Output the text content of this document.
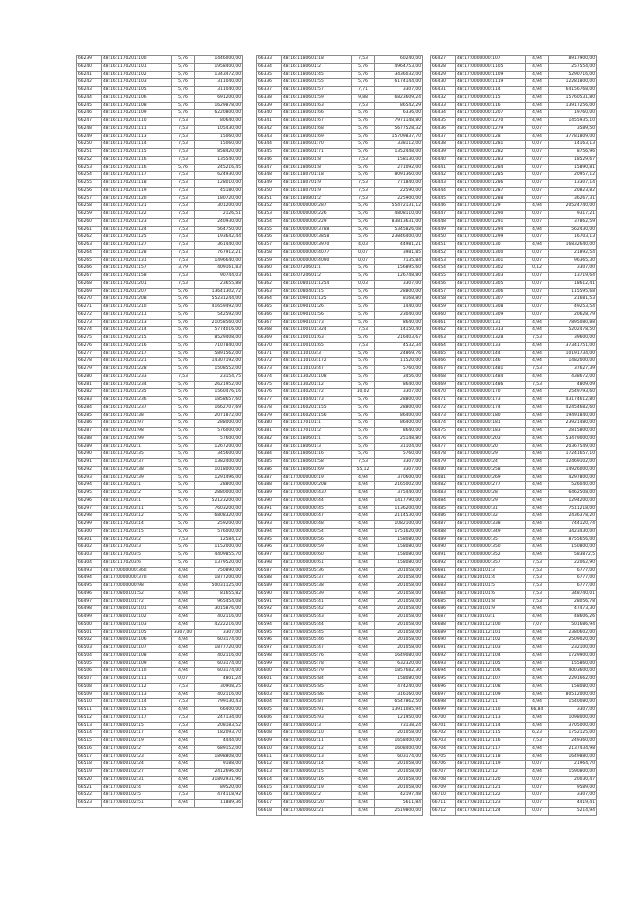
66239	48:16:1170201:100	5,76	1446000,00
66240	48:16:1170201:101	5,76	1958400,00
66241	48:16:1170201:102	5,76	1343472,00
66242	48:16:1170201:103	5,76	311040,00
66243	48:16:1170201:105	5,76	311040,00
66244	48:16:1170201:106	5,76	691200,00
66245	48:16:1170201:108	5,76	1629878,00
66246	48:16:1170201:109	5,76	6220800,00
66247	48:16:1170201:110	7,53	80640,00
66248	48:16:1170201:111	7,53	105430,00
66249	48:16:1170201:113	7,53	15060,00
66250	48:16:1170201:114	7,53	15060,00
66251	48:16:1170201:115	7,53	858420,00
66252	48:16:1170201:116	7,53	135540,00
66253	48:16:1170201:116	5,76	245216,45
66254	48:16:1170201:117	7,53	624930,00
66255	48:16:1170201:118	7,53	128010,00
66256	48:16:1170201:119	7,53	45180,00
66257	48:16:1170201:120	7,53	180720,00
66258	48:16:1170201:121	7,53	301200,00
66259	48:16:1170201:122	7,53	2126,51
66260	48:16:1170201:123	7,53	240930,00
66261	48:16:1170201:124	7,53	564750,00
66262	48:16:1170201:125	7,53	193642,44
66263	48:16:1170201:127	7,53	361440,00
66264	48:16:1170201:128	7,53	767912,21
66265	48:16:1170201:131	7,53	1496640,00
66266	48:16:1170201:157	3,79	409161,83
66267	48:16:1170201:158	7,53	90744,03
66268	48:16:1170201:201	7,53	23655,88
66269	48:16:1170201:207	5,76	13641302,72
66270	48:16:1170201:208	5,76	55231244,00
66271	48:16:1170201:210	5,76	41659492,00
66272	48:16:1170201:211	5,76	542592,00
66273	48:16:1170201:213	5,76	21058560,00
66274	48:16:1170201:214	5,76	5774016,00
66275	48:16:1170201:215	5,76	8529408,00
66276	48:16:1170201:216	5,76	7107840,00
66277	48:16:1170201:217	5,76	5891562,00
66278	48:16:1170201:221	5,76	14307192,00
66279	48:16:1170201:228	5,76	1508552,00
66280	48:16:1170201:233	7,53	23154,75
66281	48:16:1170201:234	5,76	2621952,00
66282	48:16:1170201:235	5,76	1560476,16
66283	48:16:1170201:236	5,76	1858657,60
66284	48:16:1170201:237	5,76	1662707,69
66285	48:16:1170201:38	5,76	2071872,00
66286	48:16:1170201:97	5,76	288000,00
66287	48:16:1170201:98	5,76	576000,00
66288	48:16:1170201:99	5,76	57600,00
66289	48:16:1170202:1	5,76	1267200,00
66290	48:16:1170202:35	5,76	345600,00
66291	48:16:1170202:37	5,76	1382400,00
66292	48:16:1170202:38	5,76	1018000,00
66293	48:16:1170202:39	5,76	1291496,00
66294	48:16:1170202:1	5,76	28800,00
66295	48:16:1170202:2	5,76	2880000,00
66296	48:16:1170203:1	5,76	52123200,00
66297	48:16:1170203:11	5,76	7603200,00
66298	48:16:1170203:12	5,76	6808320,00
66299	48:16:1170203:14	5,76	259200,00
66300	48:16:1170203:15	5,76	576000,00
66301	48:16:1170203:2	7,53	12584,12
66302	48:16:1170203:3	5,76	1152000,00
66303	48:16:1170203:5	5,76	4409855,70
66304	48:16:1170203:6	5,76	1379520,00
66493	48:17:0000000:360	4,94	750890,00
66494	48:17:0000000:370	4,94	1877200,00
66495	48:17:0000000:98	4,94	50031125,00
66496	48:17:0800101:52	4,94	81655,82
66497	48:17:0800101:72	4,94	965454,08
66498	48:17:0800102:101	4,94	3015876,00
66499	48:17:0800102:102	4,94	402116,00
66500	48:17:0800102:103	4,94	4222216,00
66501	48:17:0800102:105	3307,00	3307,00
66502	48:17:0800102:106	4,94	603174,00
66503	48:17:0800102:107	4,94	1877720,00
66504	48:17:0800102:108	4,94	402116,00
66505	48:17:0800102:109	4,94	603174,00
66506	48:17:0800102:110	4,94	603174,00
66507	48:17:0800102:111	0,07	4801,24
66508	48:17:0800102:112	7,53	30908,25
66509	48:17:0800102:113	4,94	402116,00
66510	48:17:0800102:114	7,53	799130,43
66511	48:17:0800102:115	4,94	66400,00
66512	48:17:0800102:117	7,53	247134,00
66513	48:17:0800102:15	7,53	208183,52
66514	48:17:0800102:17	4,94	182093,70
66515	48:17:0800102:19	4,94	4444,00
66516	48:17:0800102:2	4,94	689152,00
66517	48:17:0800102:23	4,94	1898808,00
66518	48:17:0800102:24	4,94	9188,00
66519	48:17:0800102:27	4,94	2412696,00
66520	48:17:0800102:31	4,94	31892931,96
66521	48:17:0800102:4	4,94	89520,00
66522	48:17:0800102:5	7,53	474118,92
66523	48:17:0800102:51	4,94	11889,36
66333	48:16:1180601:18	7,53	60240,00
66334	48:16:1180601:2	5,76	4964753,00
66335	48:16:1180601:45	5,76	3436032,00
66336	48:16:1180601:55	5,76	6174144,00
66337	48:16:1180601:57	7,71	3307,00
66338	48:16:1180601:59	9,88	6823609,24
66339	48:16:1180601:63	7,53	86542,29
66340	48:16:1180601:66	5,76	6336,00
66341	48:16:1180601:67	5,76	7971148,80
66342	48:16:1180601:68	5,76	5677528,32
66343	48:16:1180601:69	5,76	15709837,70
66344	48:16:1180601:70	5,76	338112,00
66345	48:16:1180601:71	5,76	1352448,00
66346	48:16:1180601:8	7,53	158130,00
66347	48:16:1180601:8	5,76	271092,00
66348	48:16:1180701:18	5,76	8091360,00
66349	48:16:1180701:9	7,53	771840,00
66350	48:16:1180701:9	7,53	22590,00
66351	48:16:1180801:2	7,53	225900,00
66352	48:16:0000000:287	5,76	55472131,12
66353	48:16:0000000:226	5,76	4808110,00
66354	48:16:0000000:229	5,76	83813631,00
66355	48:16:0000000:3788	5,76	5345826,08
66356	48:16:0000000:3858	5,76	23846400,00
66357	48:16:0000000:3970	4,03	44981,21
66358	48:16:0000000:4077	0,07	3981,85
66359	48:16:0000000:4090	0,07	7135,84
66360	48:16:0720601:1	5,76	156895,60
66361	48:16:0720601:2	5,76	126748,80
66362	48:16:1080101:1254	0,03	3307,00
66363	48:16:1080401:15	5,76	28800,00
66364	48:16:1090101:125	5,76	8168,80
66365	48:16:1090101:26	5,76	1440,00
66366	48:16:1090101:56	5,76	23040,00
66367	48:16:1090101:73	5,76	8640,00
66368	48:16:1100101:324	7,53	14150,40
66369	48:16:1100101:63	5,76	216403,67
66370	48:16:1100101:65	7,53	4532,34
66371	48:16:1110103:3	5,76	24869,76
66372	48:16:1110103:172	5,76	11520,00
66373	48:16:1110103:47	5,76	5760,00
66374	48:16:1130201:108	5,76	3456,00
66375	48:16:1130201:12	5,76	8640,00
66376	48:16:1140201:72	10,02	3307,00
66377	48:16:1140401:73	5,76	28800,00
66378	48:16:1160201:155	5,76	28800,00
66379	48:16:1160201:156	5,76	86400,00
66380	48:16:1170101:1	5,76	86400,00
66381	48:16:1170101:2	5,76	8640,00
66382	48:16:1180601:1	5,76	25148,80
66383	48:16:1180601:3	5,76	31104,00
66384	48:16:1180601:16	5,76	5760,00
66385	48:16:1180601:58	7,53	3307,00
66386	48:16:1180601:69	55,12	3307,00
66387	48:17:0000000:19	4,94	370600,00
66388	48:17:0000000:208	4,94	2165002,00
66389	48:17:0000000:437	4,94	375440,00
66390	48:17:0000000:44	4,94	1417790,00
66391	48:17:0000000:45	4,94	1136200,00
66392	48:17:0000000:47	4,94	2114530,00
66393	48:17:0000000:48	4,94	1082100,00
66394	48:17:0000000:54	4,94	1751620,00
66395	48:17:0000000:56	4,94	158080,00
66396	48:17:0000000:59	4,94	158080,00
66397	48:17:0000000:60	4,94	158080,00
66398	48:17:0000000:61	4,94	158080,00
66587	48:17:0800505:36	4,94	201058,00
66588	48:17:0800505:37	4,94	201058,00
66589	48:17:0800505:38	4,94	201058,00
66590	48:17:0800505:39	4,94	201058,00
66591	48:17:0800505:41	4,94	201058,00
66592	48:17:0800505:42	4,94	201058,00
66593	48:17:0800505:43	4,94	201058,00
66594	48:17:0800505:44	4,94	201058,00
66595	48:17:0800505:45	4,94	201058,00
66596	48:17:0800505:46	4,94	201058,00
66597	48:17:0800505:47	4,94	201058,00
66598	48:17:0800505:76	4,94	1649080,00
66599	48:17:0800505:78	4,94	632320,00
66600	48:17:0800505:79	4,94	1857682,30
66601	48:17:0800505:84	4,94	158080,00
66602	48:17:0800505:85	4,94	474240,00
66603	48:17:0800505:86	4,94	316160,00
66604	48:17:0800505:87	4,94	6547862,50
66605	48:17:0800505:91	4,94	13911085,94
66606	48:17:0800505:93	4,94	121950,00
66607	48:17:0800601:3	4,94	73138,24
66608	48:17:0800602:10	4,94	201058,00
66609	48:17:0800602:11	4,94	1658400,00
66610	48:17:0800602:12	4,94	1608400,00
66611	48:17:0800602:13	4,94	603174,00
66612	48:17:0800602:14	4,94	201058,00
66613	48:17:0800602:15	4,94	201058,00
66614	48:17:0800602:16	4,94	201058,00
66615	48:17:0800602:19	4,94	201058,00
66616	48:17:0800602:2	4,94	42197,48
66617	48:17:0800602:20	4,94	5611,84
66618	48:17:0800602:21	4,94	2519800,00
66427	48:17:0000000:107	4,94	8917900,00
66428	48:17:0000000:1105	4,94	257554,00
66429	48:17:0000000:1109	4,94	5290716,00
66430	48:17:0000000:1119	4,94	12281800,00
66431	48:17:0000000:114	4,94	64156768,00
66432	48:17:0000000:115	4,94	15760531,80
66433	48:17:0000000:116	4,94	13917256,00
66434	48:17:0000000:1207	4,94	19760,00
66435	48:17:0000000:1270	4,94	1455935,10
66436	48:17:0000000:1279	0,07	3589,50
66437	48:17:0000000:128	4,94	37781809,00
66438	48:17:0000000:1281	0,07	14163,13
66439	48:17:0000000:1282	0,07	8756,96
66440	48:17:0000000:1283	0,07	18529,67
66441	48:17:0000000:1284	0,07	15890,81
66442	48:17:0000000:1285	0,07	20957,12
66443	48:17:0000000:1286	0,07	13307,14
66444	48:17:0000000:1287	0,07	20823,82
66445	48:17:0000000:1288	0,07	36267,31
66446	48:17:0000000:129	4,94	20524740,00
66447	48:17:0000000:1290	0,07	9317,21
66448	48:17:0000000:1291	0,07	37862,59
66449	48:17:0000000:1294	4,94	562430,00
66450	48:17:0000000:1299	0,07	16703,13
66451	48:17:0000000:130	4,94	16832640,00
66452	48:17:0000000:1300	0,07	21892,54
66453	48:17:0000000:1301	0,07	96365,30
66454	48:17:0000000:1302	0,12	3307,00
66455	48:17:0000000:1303	0,07	13719,64
66456	48:17:0000000:1305	0,07	18612,41
66457	48:17:0000000:1306	0,07	115595,68
66458	48:17:0000000:1307	0,07	21681,53
66459	48:17:0000000:1308	0,07	49253,54
66460	48:17:0000000:1309	0,07	20628,79
66461	48:17:0000000:131	4,94	7895080,88
66462	48:17:0000000:1313	4,94	5202478,50
66463	48:17:0000000:1328	7,53	39600,00
66464	48:17:0000000:133	4,94	37341751,00
66465	48:17:0000000:144	4,94	10191734,00
66466	48:17:0000000:146	4,94	1482000,00
66467	48:17:0000000:1481	7,53	37627,39
66468	48:17:0000000:1484	4,94	438672,00
66469	48:17:0000000:1486	7,53	4809,09
66470	48:17:0000000:170	4,94	2549793,60
66471	48:17:0000000:173	4,94	43174612,80
66472	48:17:0000000:174	4,94	42454682,60
66473	48:17:0000000:180	4,94	19491840,00
66474	48:17:0000000:181	4,94	23921480,00
66475	48:17:0000000:183	4,94	2815800,00
66476	48:17:0000000:203	4,94	53479000,00
66477	48:17:0000000:20	4,94	20367549,00
66478	48:17:0000000:29	4,94	17241657,10
66479	48:17:0000000:24	4,94	12469102,00
66480	48:17:0000000:258	4,94	14926000,00
66481	48:17:0000000:269	4,94	4297800,00
66482	48:17:0000000:277	4,94	526040,00
66483	48:17:0000000:28	4,94	6462508,00
66484	48:17:0000000:29	4,94	1294200,00
66485	48:17:0000000:31	4,94	7511218,00
66486	48:17:0000000:32	4,94	2436378,20
66487	48:17:0000000:338	4,94	744120,74
66488	48:17:0000000:349	4,94	3423430,00
66489	48:17:0000000:35	4,94	8755656,00
66490	48:17:0000000:350	4,94	150800,00
66491	48:17:0000000:352	4,94	583872,5
66492	48:17:0000000:357	7,53	22062,90
66681	48:17:0810101:3	7,53	6777,00
66682	48:17:0810101:4	7,53	6777,00
66683	48:17:0810101:5	7,53	6777,00
66684	48:17:0810101:6	7,53	348740,01
66685	48:17:0810101:8	7,53	28056,78
66686	48:17:0810101:9	4,94	47473,30
66687	48:17:0810103:1	4,94	48606,26
66688	48:17:0810112:100	7,07	501686,94
66689	48:17:0810112:101	4,94	2380602,00
66690	48:17:0810112:102	4,94	2509020,00
66691	48:17:0810112:103	4,94	232100,00
66692	48:17:0810112:104	4,94	1729900,00
66693	48:17:0810112:105	4,94	155860,00
66694	48:17:0810112:106	4,94	4003600,00
66695	48:17:0810112:107	4,94	2291662,00
66696	48:17:0810112:108	4,94	158080,00
66697	48:17:0810112:109	4,94	80512000,00
66698	48:17:0810112:11	4,94	1540080,00
66699	48:17:0810112:110	66,84	3307,00
66700	48:17:0810112:113	4,94	1098000,00
66701	48:17:0810112:114	4,94	3705000,00
66702	48:17:0810112:115	6,23	1752125,00
66703	48:17:0810112:116	7,53	249360,00
66704	48:17:0810112:117	4,94	2137434,98
66705	48:17:0810112:118	4,94	1649880,00
66706	48:17:0810112:119	0,07	21964,70
66707	48:17:0810112:12	4,94	1590800,00
66708	48:17:0810112:120	0,07	20030,47
66709	48:17:0810112:121	0,07	9589,00
66710	48:17:0810112:122	0,07	3307,00
66711	48:17:0810112:123	0,07	4419,41
66712	48:17:0810112:124	0,07	5214,94
